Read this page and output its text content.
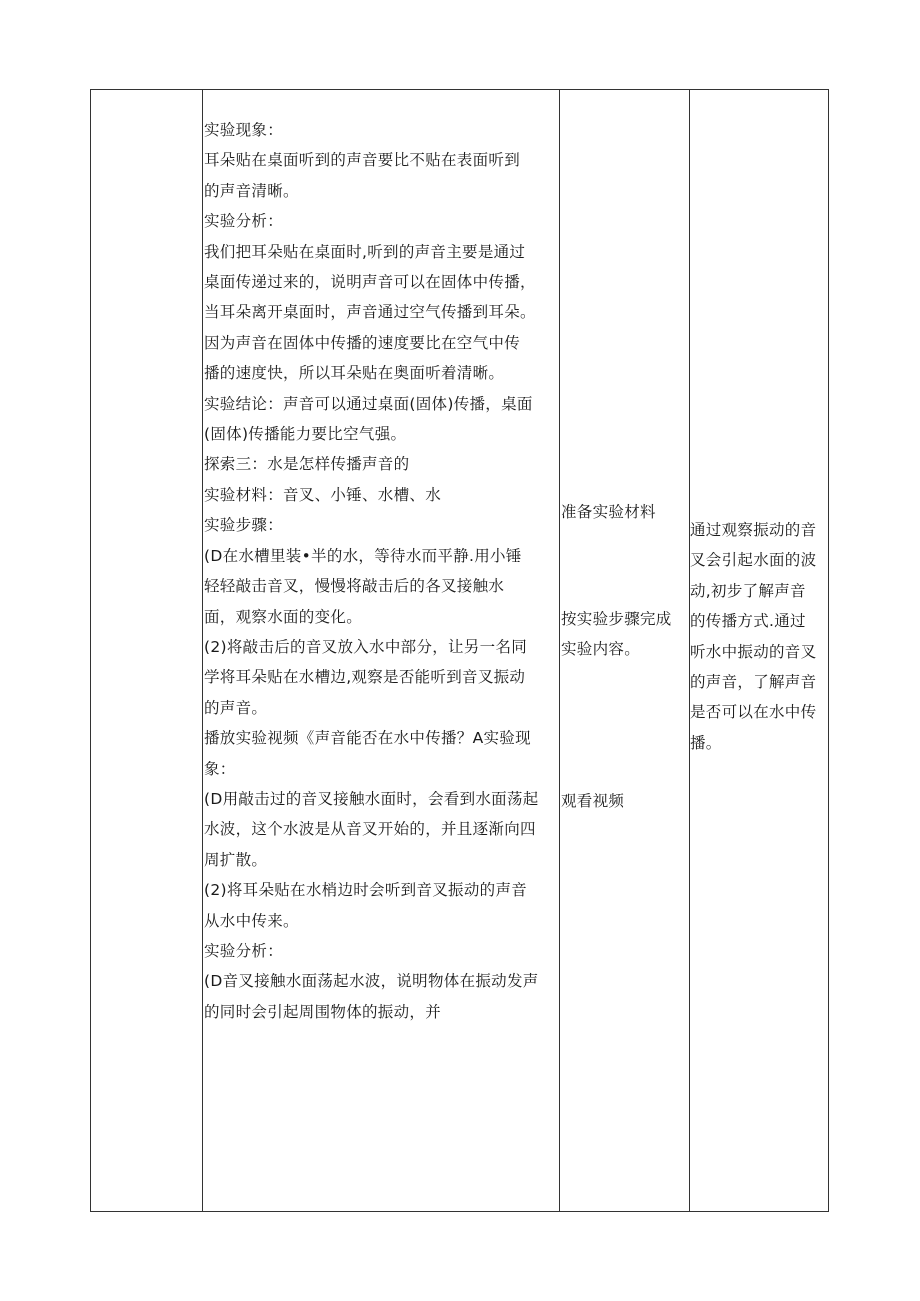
实验现象：
耳朵贴在桌面听到的声音要比不贴在表面听到
的声音清晰。
实验分析：
我们把耳朵贴在桌面时,听到的声音主要是通过
桌面传递过来的，说明声音可以在固体中传播，
当耳朵离开桌面时，声音通过空气传播到耳朵。
因为声音在固体中传播的速度要比在空气中传
播的速度快，所以耳朵贴在奥面听着清晰。
实验结论：声音可以通过桌面(固体)传播，桌面
(固体)传播能力要比空气强。
探索三：水是怎样传播声音的
实验材料：音叉、小锤、水槽、水
实验步骤：
(D在水槽里装•半的水，等待水而平静.用小锤
轻轻敲击音叉，慢慢将敲击后的各叉接触水
面，观察水面的变化。
(2)将敲击后的音叉放入水中部分，让另一名同
学将耳朵贴在水槽边,观察是否能听到音叉振动
的声音。
播放实验视频《声音能否在水中传播？A实验现
象：
(D用敲击过的音叉接触水面时，会看到水面荡起
水波，这个水波是从音叉开始的，并且逐渐向四
周扩散。
(2)将耳朵贴在水梢边时会听到音叉振动的声音
从水中传来。
实验分析：
(D音叉接触水面荡起水波，说明物体在振动发声
的同时会引起周围物体的振动，并
准备实验材料
按实验步骤完成
实验内容。
观看视频
通过观察振动的音
叉会引起水面的波
动,初步了解声音
的传播方式.通过
听水中振动的音叉
的声音，了解声音
是否可以在水中传
播。
